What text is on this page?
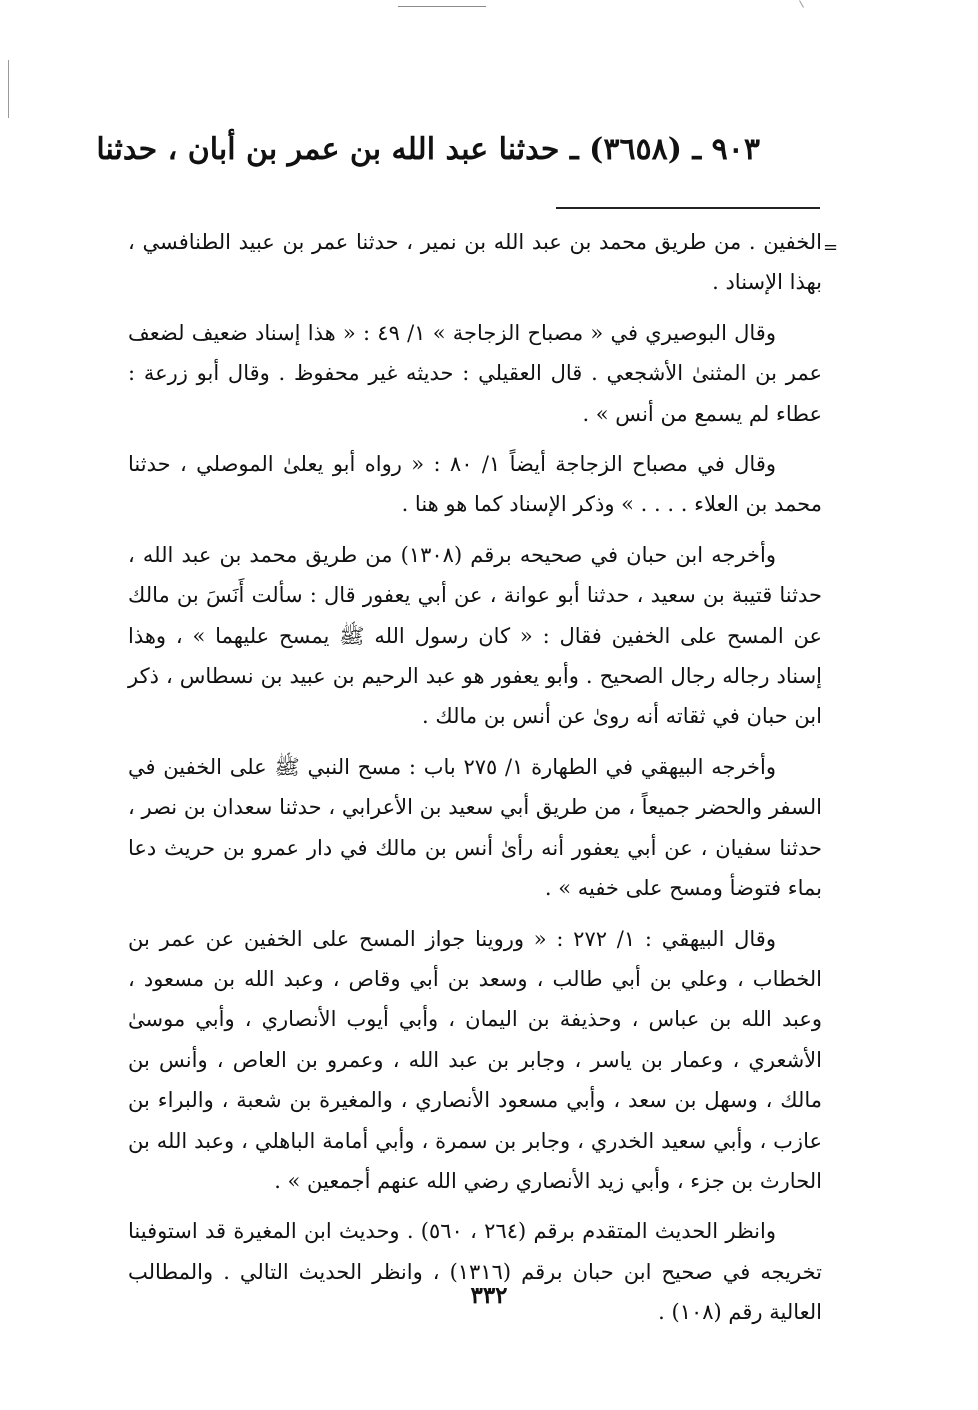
٩٠٣ ـ (٣٦٥٨) ـ حدثنا عبد الله بن عمر بن أبان ، حدثنا
=

الخفين . من طريق محمد بن عبد الله بن نمير ، حدثنا عمر بن عبيد الطنافسي ، بهذا الإسناد .

وقال البوصيري في « مصباح الزجاجة » ١/ ٤٩ : « هذا إسناد ضعيف لضعف عمر بن المثنىٰ الأشجعي . قال العقيلي : حديثه غير محفوظ . وقال أبو زرعة : عطاء لم يسمع من أنس » .

وقال في مصباح الزجاجة أيضاً ١/ ٨٠ : « رواه أبو يعلىٰ الموصلي ، حدثنا محمد بن العلاء . . . . » وذكر الإسناد كما هو هنا .

وأخرجه ابن حبان في صحيحه برقم (١٣٠٨) من طريق محمد بن عبد الله ، حدثنا قتيبة بن سعيد ، حدثنا أبو عوانة ، عن أبي يعفور قال : سألت أَنَسَ بن مالك عن المسح على الخفين فقال : « كان رسول الله ﷺ يمسح عليهما » ، وهذا إسناد رجاله رجال الصحيح . وأبو يعفور هو عبد الرحيم بن عبيد بن نسطاس ، ذكر ابن حبان في ثقاته أنه روىٰ عن أنس بن مالك .

وأخرجه البيهقي في الطهارة ١/ ٢٧٥ باب : مسح النبي ﷺ على الخفين في السفر والحضر جميعاً ، من طريق أبي سعيد بن الأعرابي ، حدثنا سعدان بن نصر ، حدثنا سفيان ، عن أبي يعفور أنه رأىٰ أنس بن مالك في دار عمرو بن حريث دعا بماء فتوضأ ومسح على خفيه » .

وقال البيهقي : ١/ ٢٧٢ : « وروينا جواز المسح على الخفين عن عمر بن الخطاب ، وعلي بن أبي طالب ، وسعد بن أبي وقاص ، وعبد الله بن مسعود ، وعبد الله بن عباس ، وحذيفة بن اليمان ، وأبي أيوب الأنصاري ، وأبي موسىٰ الأشعري ، وعمار بن ياسر ، وجابر بن عبد الله ، وعمرو بن العاص ، وأنس بن مالك ، وسهل بن سعد ، وأبي مسعود الأنصاري ، والمغيرة بن شعبة ، والبراء بن عازب ، وأبي سعيد الخدري ، وجابر بن سمرة ، وأبي أمامة الباهلي ، وعبد الله بن الحارث بن جزء ، وأبي زيد الأنصاري رضي الله عنهم أجمعين » .

وانظر الحديث المتقدم برقم (٢٦٤ ، ٥٦٠) . وحديث ابن المغيرة قد استوفينا تخريجه في صحيح ابن حبان برقم (١٣١٦) ، وانظر الحديث التالي . والمطالب العالية رقم (١٠٨) .

٣٣٢
